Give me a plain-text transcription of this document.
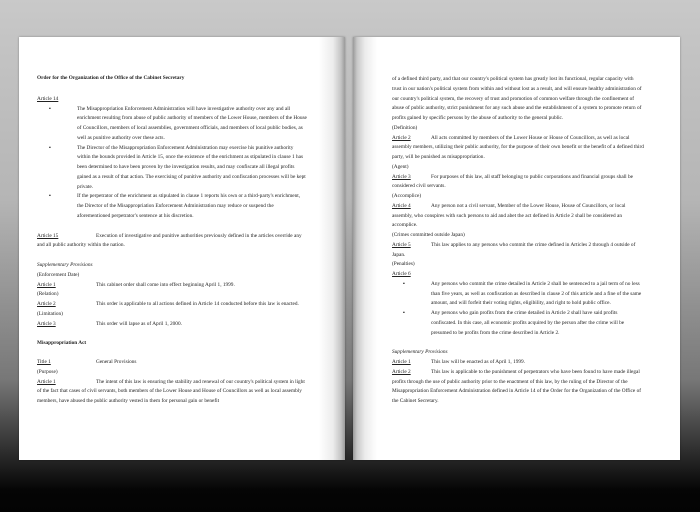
Order for the Organization of the Office of the Cabinet Secretary
Article 14
▪ The Misappropriation Enforcement Administration will have investigative authority over any and all enrichment resulting from abuse of public authority of members of the Lower House, members of the House of Councillors, members of local assemblies, government officials, and members of local public bodies, as well as punitive authority over these acts.
▪ The Director of the Misappropriation Enforcement Administration may exercise his punitive authority within the bounds provided in Article 15, once the existence of the enrichment as stipulated in clause 1 has been determined to have been proven by the investigation results, and may confiscate all illegal profits gained as a result of that action. The exercising of punitive authority and confiscation processes will be kept private.
▪ If the perpetrator of the enrichment as stipulated in clause 1 reports his own or a third-party's enrichment, the Director of the Misappropriation Enforcement Administration may reduce or suspend the aforementioned perpetrator's sentence at his discretion.
Article 15	Execution of investigative and punitive authorities previously defined in the articles override any and all public authority within the nation.
Supplementary Provisions
(Enforcement Date)
Article 1	This cabinet order shall come into effect beginning April 1, 1999.
(Relation)
Article 2	This order is applicable to all actions defined in Article 14 conducted before this law is enacted.
(Limitation)
Article 3	This order will lapse as of April 1, 2000.
Misappropriation Act
Title 1	General Provisions
(Purpose)
Article 1	The intent of this law is ensuring the stability and renewal of our country's political system in light of the fact that cases of civil servants, both members of the Lower House and House of Councillors as well as local assembly members, have abused the public authority vested in them for personal gain or benefit
of a defined third party, and that our country's political system has greatly lost its functional, regular capacity with trust in our nation's political system from within and without lost as a result, and will ensure healthy administration of our country's political system, the recovery of trust and promotion of common welfare through the confinement of abuse of public authority, strict punishment for any such abuse and the establishment of a system to promote return of profits gained by specific persons by the abuse of authority to the general public.
(Definition)
Article 2	All acts committed by members of the Lower House or House of Councillors, as well as local assembly members, utilizing their public authority, for the purpose of their own benefit or the benefit of a defined third party, will be punished as misappropriation.
(Agent)
Article 3	For purposes of this law, all staff belonging to public corporations and financial groups shall be considered civil servants.
(Accomplice)
Article 4	Any person not a civil servant, Member of the Lower House, House of Councillors, or local assembly, who conspires with such persons to aid and abet the act defined in Article 2 shall be considered an accomplice.
(Crimes committed outside Japan)
Article 5	This law applies to any persons who commit the crime defined in Articles 2 through 4 outside of Japan.
(Penalties)
Article 6
▪ Any persons who commit the crime detailed in Article 2 shall be sentenced to a jail term of no less than five years, as well as confiscation as described in clause 2 of this article and a fine of the same amount, and will forfeit their voting rights, eligibility, and right to hold public office.
▪ Any persons who gain profits from the crime detailed in Article 2 shall have said profits confiscated. In this case, all economic profits acquired by the person after the crime will be presumed to be profits from the crime described in Article 2.
Supplementary Provisions
Article 1	This law will be enacted as of April 1, 1999.
Article 2	This law is applicable to the punishment of perpetrators who have been found to have made illegal profits through the use of public authority prior to the enactment of this law, by the ruling of the Director of the Misappropriation Enforcement Administration defined in Article 14 of the Order for the Organization of the Office of the Cabinet Secretary.
